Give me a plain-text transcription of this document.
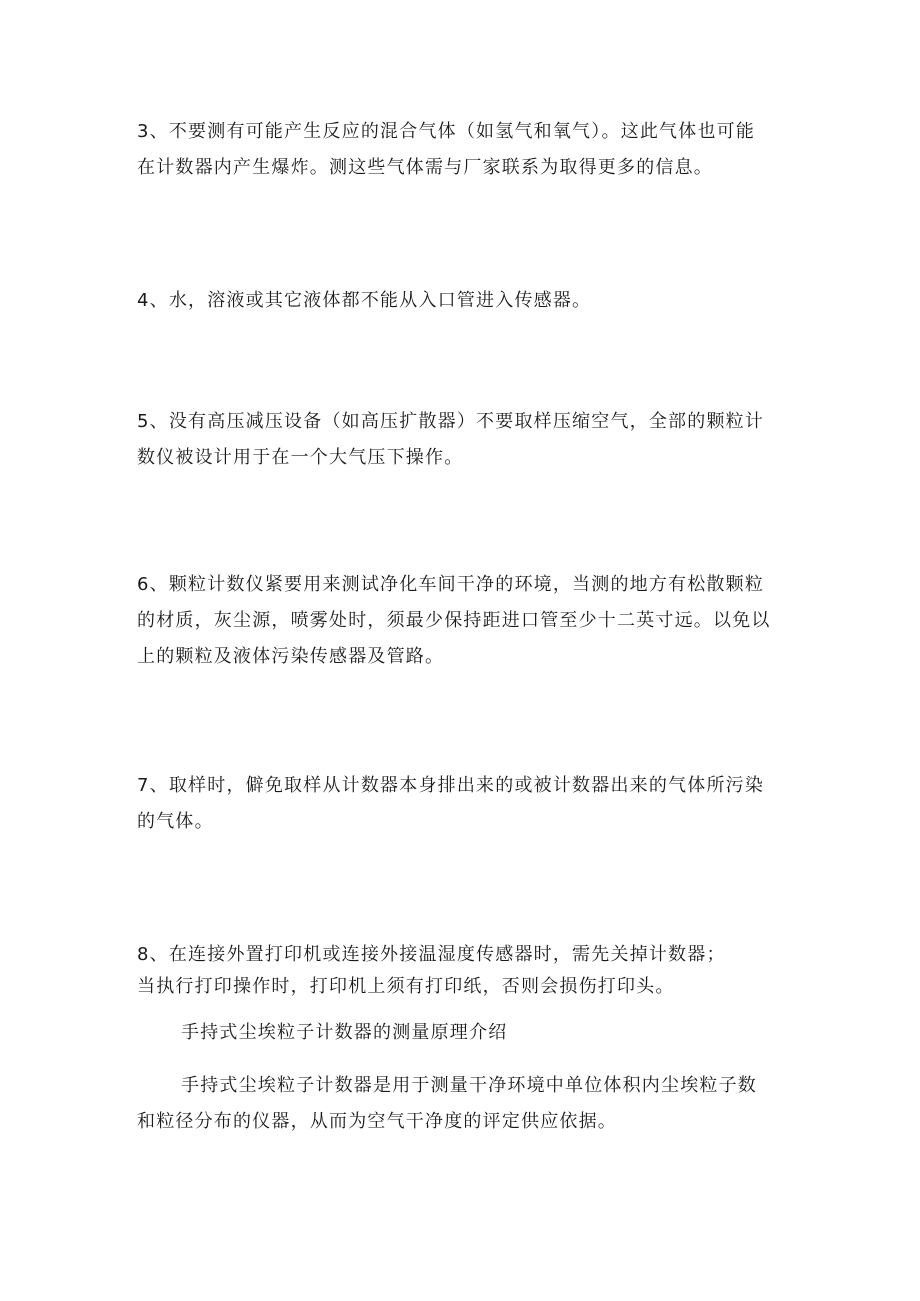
3、不要测有可能产生反应的混合气体（如氢气和氧气）。这此气体也可能
在计数器内产生爆炸。测这些气体需与厂家联系为取得更多的信息。
4、水，溶液或其它液体都不能从入口管进入传感器。
5、没有高压减压设备（如高压扩散器）不要取样压缩空气，全部的颗粒计
数仪被设计用于在一个大气压下操作。
6、颗粒计数仪紧要用来测试净化车间干净的环境，当测的地方有松散颗粒
的材质，灰尘源，喷雾处时，须最少保持距进口管至少十二英寸远。以免以
上的颗粒及液体污染传感器及管路。
7、取样时，僻免取样从计数器本身排出来的或被计数器出来的气体所污染
的气体。
8、在连接外置打印机或连接外接温湿度传感器时，需先关掉计数器；
当执行打印操作时，打印机上须有打印纸，否则会损伤打印头。
手持式尘埃粒子计数器的测量原理介绍
手持式尘埃粒子计数器是用于测量干净环境中单位体积内尘埃粒子数
和粒径分布的仪器，从而为空气干净度的评定供应依据。
